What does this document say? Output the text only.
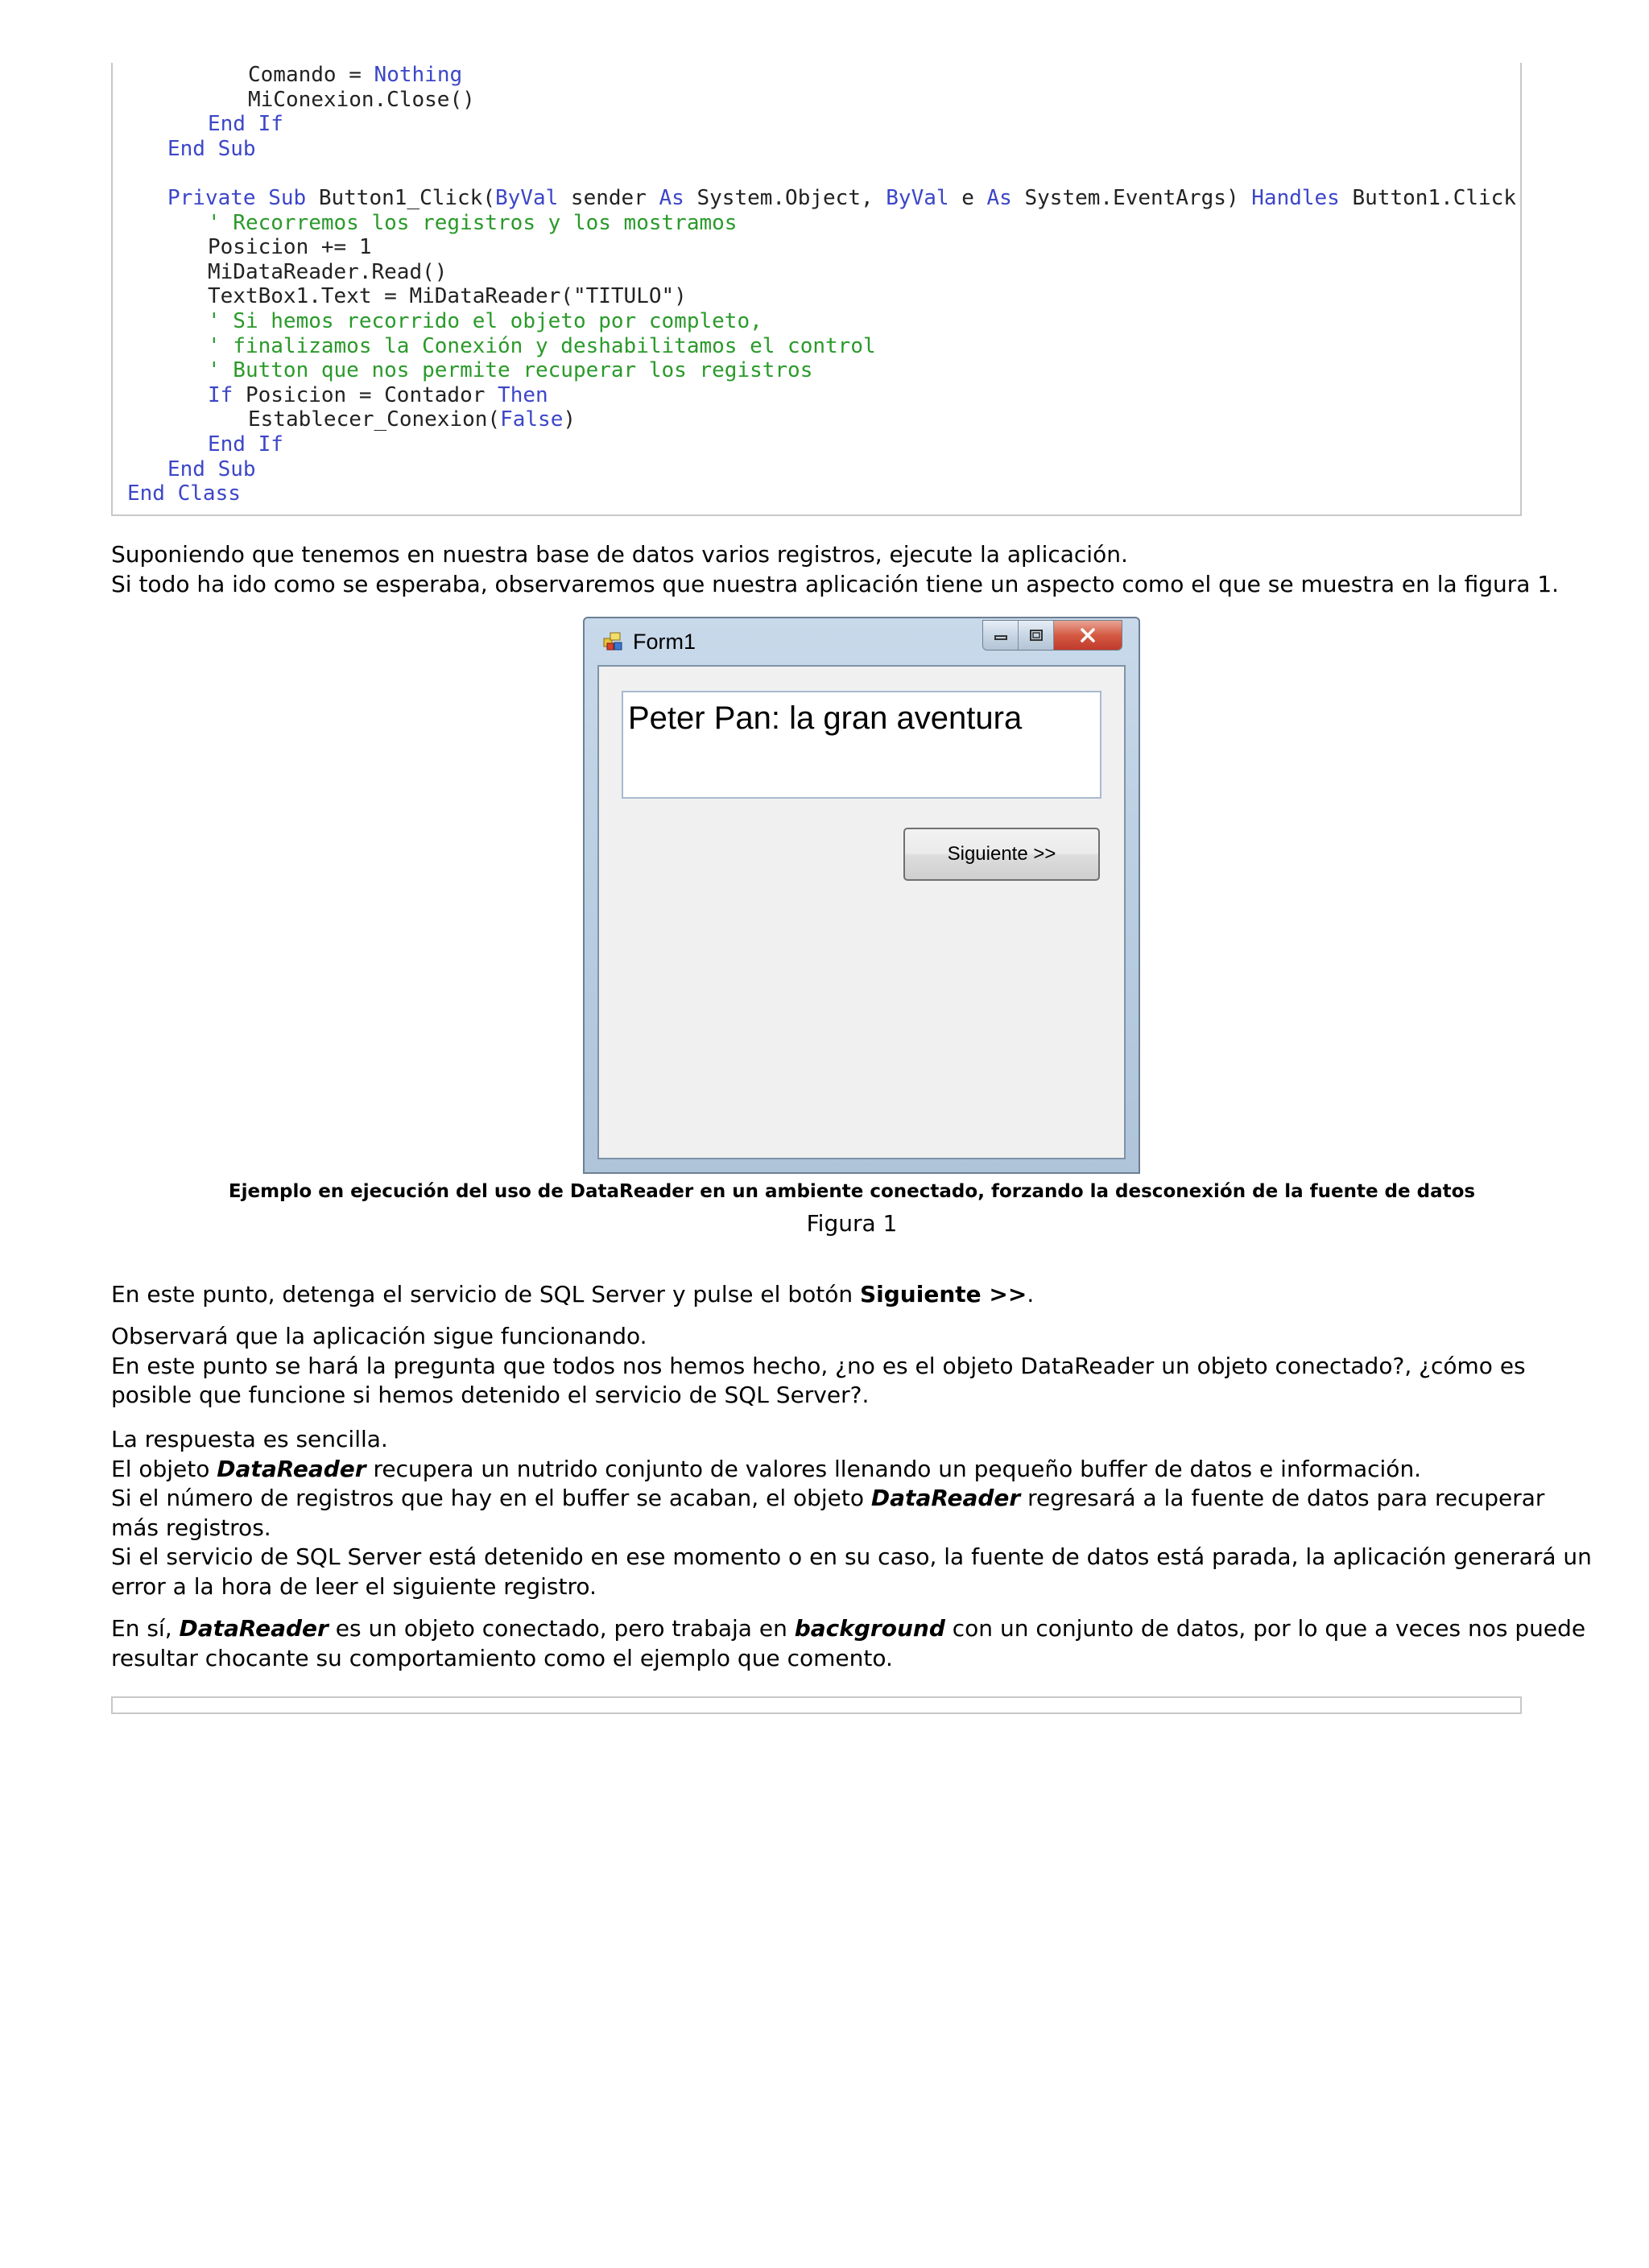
Comando = Nothing
MiConexion.Close()
End If
End Sub
Private Sub Button1_Click(ByVal sender As System.Object, ByVal e As System.EventArgs) Handles Button1.Click
' Recorremos los registros y los mostramos
Posicion += 1
MiDataReader.Read()
TextBox1.Text = MiDataReader("TITULO")
' Si hemos recorrido el objeto por completo,
' finalizamos la Conexión y deshabilitamos el control
' Button que nos permite recuperar los registros
If Posicion = Contador Then
Establecer_Conexion(False)
End If
End Sub
End Class

Suponiendo que tenemos en nuestra base de datos varios registros, ejecute la aplicación.

Si todo ha ido como se esperaba, observaremos que nuestra aplicación tiene un aspecto como el que se muestra en la figura 1.

Form1
Peter Pan: la gran aventura
Siguiente >>
Ejemplo en ejecución del uso de DataReader en un ambiente conectado, forzando la desconexión de la fuente de datos
Figura 1

En este punto, detenga el servicio de SQL Server y pulse el botón Siguiente >>.

Observará que la aplicación sigue funcionando.

En este punto se hará la pregunta que todos nos hemos hecho, ¿no es el objeto DataReader un objeto conectado?, ¿cómo es posible que funcione si hemos detenido el servicio de SQL Server?.

La respuesta es sencilla.

El objeto DataReader recupera un nutrido conjunto de valores llenando un pequeño buffer de datos e información.

Si el número de registros que hay en el buffer se acaban, el objeto DataReader regresará a la fuente de datos para recuperar más registros.

Si el servicio de SQL Server está detenido en ese momento o en su caso, la fuente de datos está parada, la aplicación generará un error a la hora de leer el siguiente registro.

En sí, DataReader es un objeto conectado, pero trabaja en background con un conjunto de datos, por lo que a veces nos puede resultar chocante su comportamiento como el ejemplo que comento.
